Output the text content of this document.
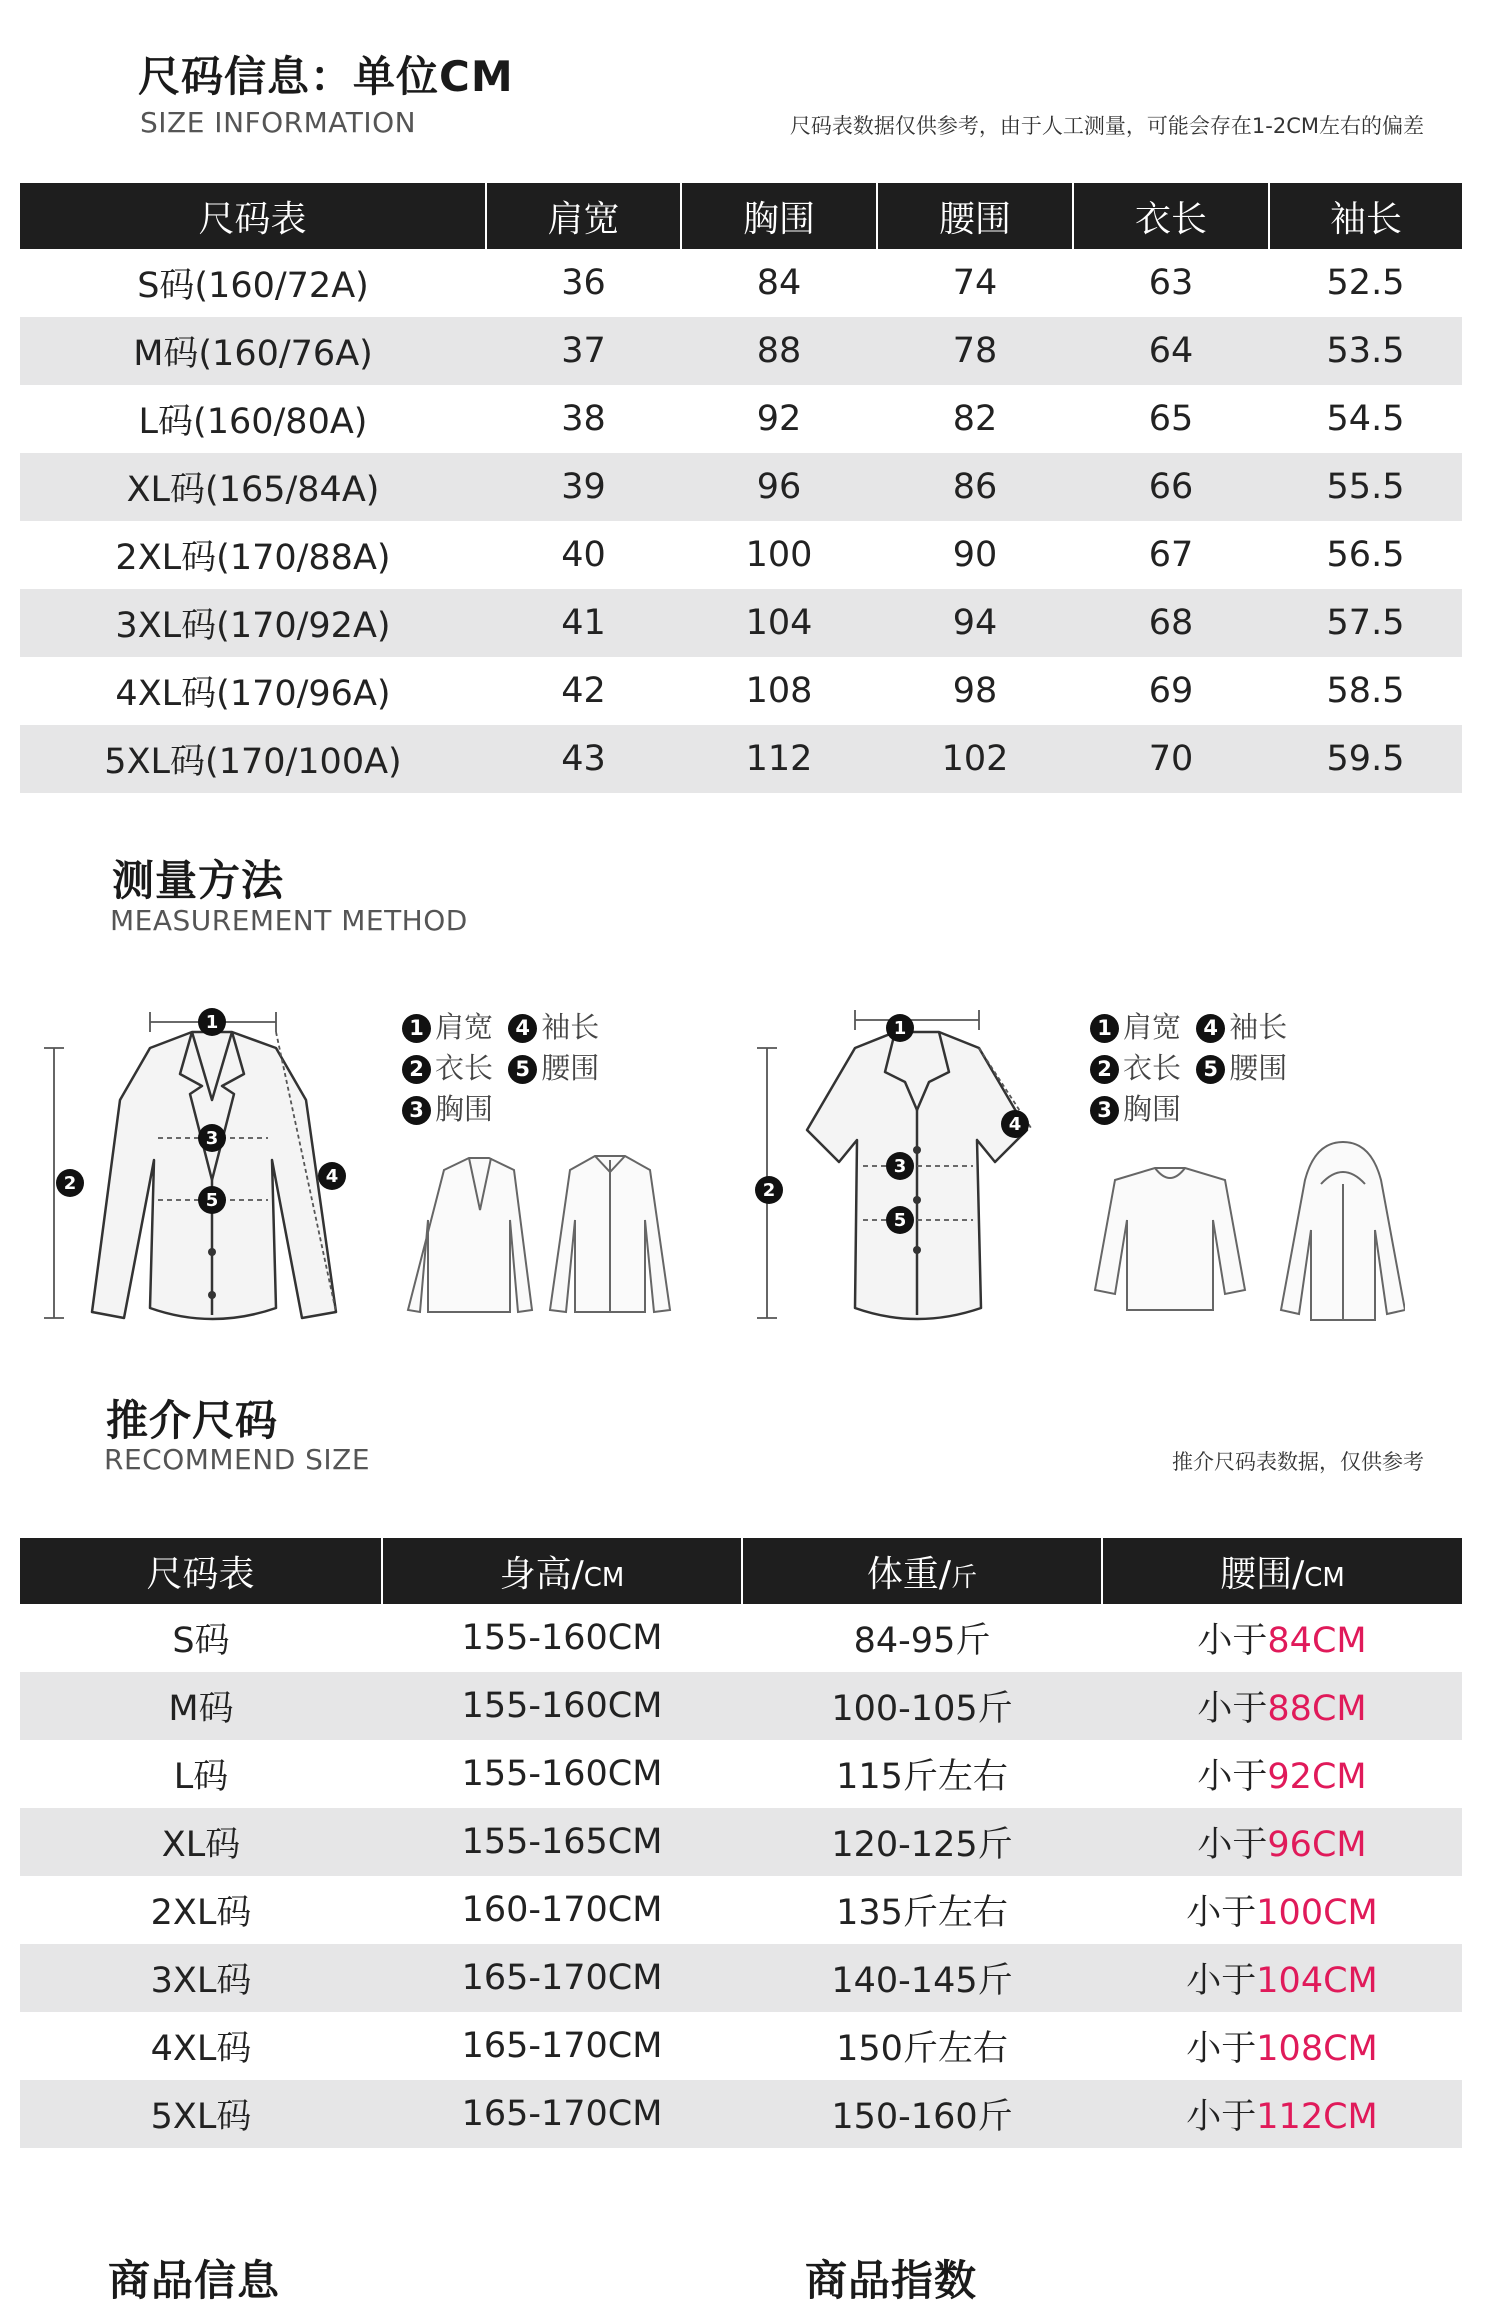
尺码信息：单位CM
SIZE INFORMATION	尺码表数据仅供参考，由于人工测量，可能会存在1-2CM左右的偏差
尺码表	肩宽	胸围	腰围	衣长	袖长
S码(160/72A)	36	84	74	63	52.5
M码(160/76A)	37	88	78	64	53.5
L码(160/80A)	38	92	82	65	54.5
XL码(165/84A)	39	96	86	66	55.5
2XL码(170/88A)	40	100	90	67	56.5
3XL码(170/92A)	41	104	94	68	57.5
4XL码(170/96A)	42	108	98	69	58.5
5XL码(170/100A)	43	112	102	70	59.5
测量方法
MEASUREMENT METHOD
1
3
5
2	4
1 肩宽 4 袖长
2 衣长 5 腰围
3 胸围
1
3
5
2
4
1 肩宽 4 袖长
2 衣长 5 腰围
3 胸围
推介尺码
RECOMMEND SIZE	推介尺码表数据，仅供参考
尺码表	身高/CM	体重/斤	腰围/CM
S码	155-160CM	84-95斤	小于84CM
M码	155-160CM	100-105斤	小于88CM
L码	155-160CM	115斤左右	小于92CM
XL码	155-165CM	120-125斤	小于96CM
2XL码	160-170CM	135斤左右	小于100CM
3XL码	165-170CM	140-145斤	小于104CM
4XL码	165-170CM	150斤左右	小于108CM
5XL码	165-170CM	150-160斤	小于112CM
商品信息	商品指数
